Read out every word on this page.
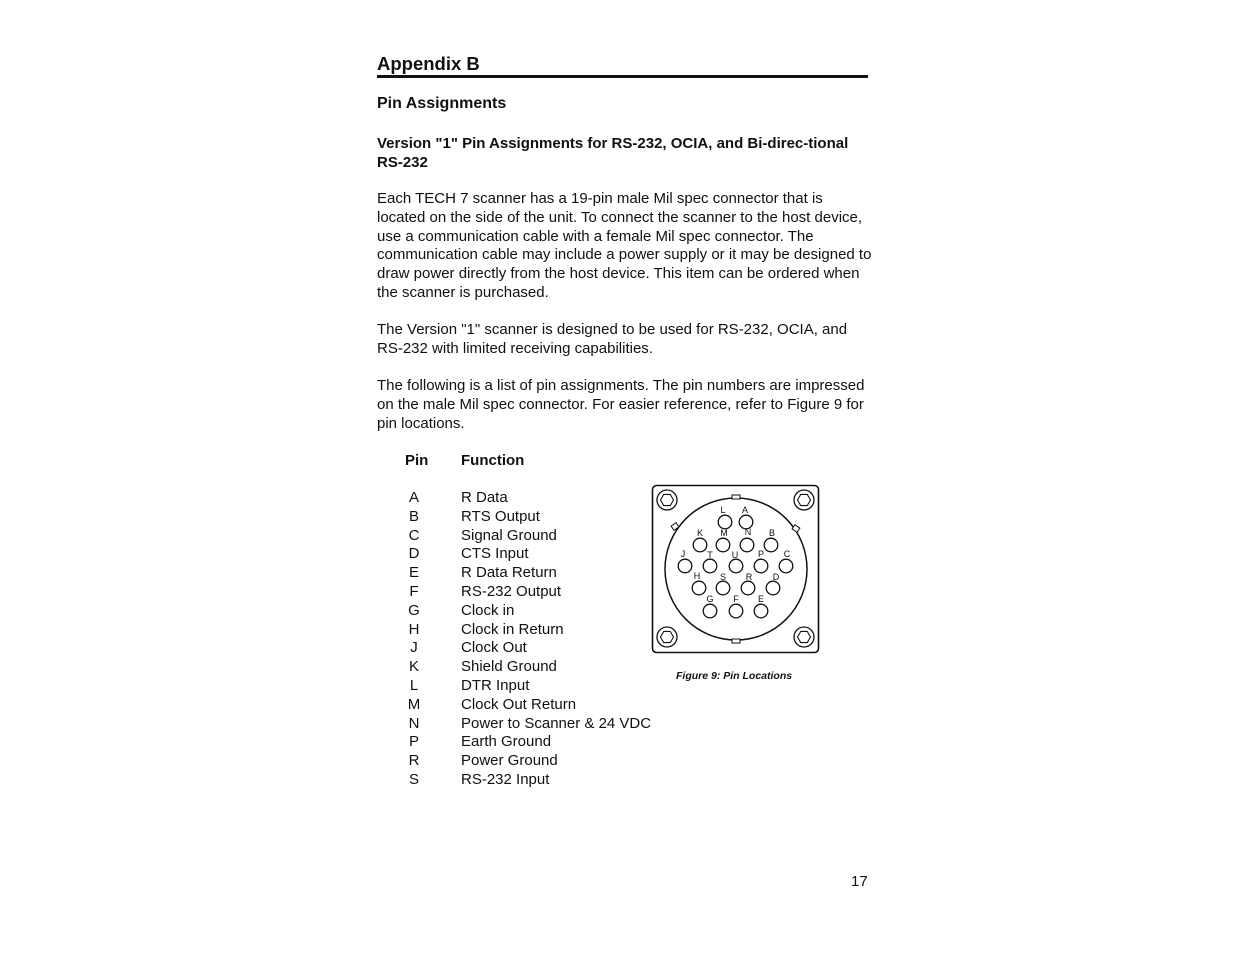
Appendix B
Pin Assignments
Version "1" Pin Assignments for RS-232, OCIA, and Bi-direc-tional RS-232
Each TECH 7 scanner has a 19-pin male Mil spec connector that is located on the side of the unit. To connect the scanner to the host device, use a communication cable with a female Mil spec connector. The communication cable may include a power supply or it may be designed to draw power directly from the host device. This item can be ordered when the scanner is purchased.
The Version "1" scanner is designed to be used for RS-232, OCIA, and RS-232 with limited receiving capabilities.
The following is a list of pin assignments. The pin numbers are impressed on the male Mil spec connector. For easier reference, refer to Figure 9 for pin locations.
Pin Function
A	R Data
B	RTS Output
C	Signal Ground
D	CTS Input
E	R Data Return
F	RS-232 Output
G	Clock in
H	Clock in Return
J	Clock Out
K	Shield Ground
L	DTR Input
M	Clock Out Return
N	Power to Scanner & 24 VDC
P	Earth Ground
R	Power Ground
S	RS-232 Input
L A
K M N B
J T U P C
H S R D
G F E
Figure 9: Pin Locations
17
